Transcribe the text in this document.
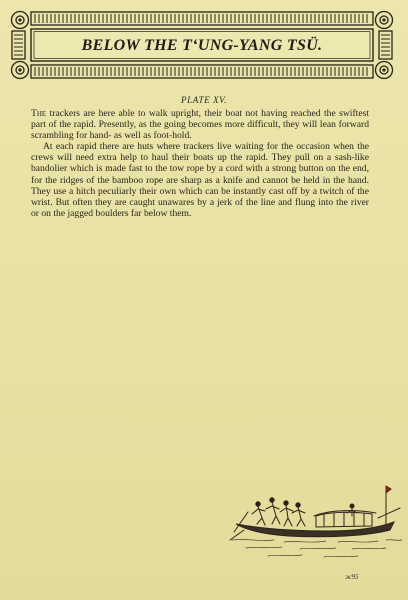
BELOW THE T‘UNG-YANG TSÜ.
PLATE XV.

The trackers are here able to walk upright, their boat not having reached the swiftest part of the rapid. Presently, as the going becomes more difficult, they will lean forward scrambling for hand- as well as foot-hold.

At each rapid there are huts where trackers live waiting for the occasion when the crews will need extra help to haul their boats up the rapid. They pull on a sash-like bandolier which is made fast to the tow rope by a cord with a strong button on the end, for the ridges of the bamboo rope are sharp as a knife and cannot be held in the hand. They use a hitch peculiarly their own which can be instantly cast off by a twitch of the wrist. But often they are caught unawares by a jerk of the line and flung into the river or on the jagged boulders far below them.

ж95
